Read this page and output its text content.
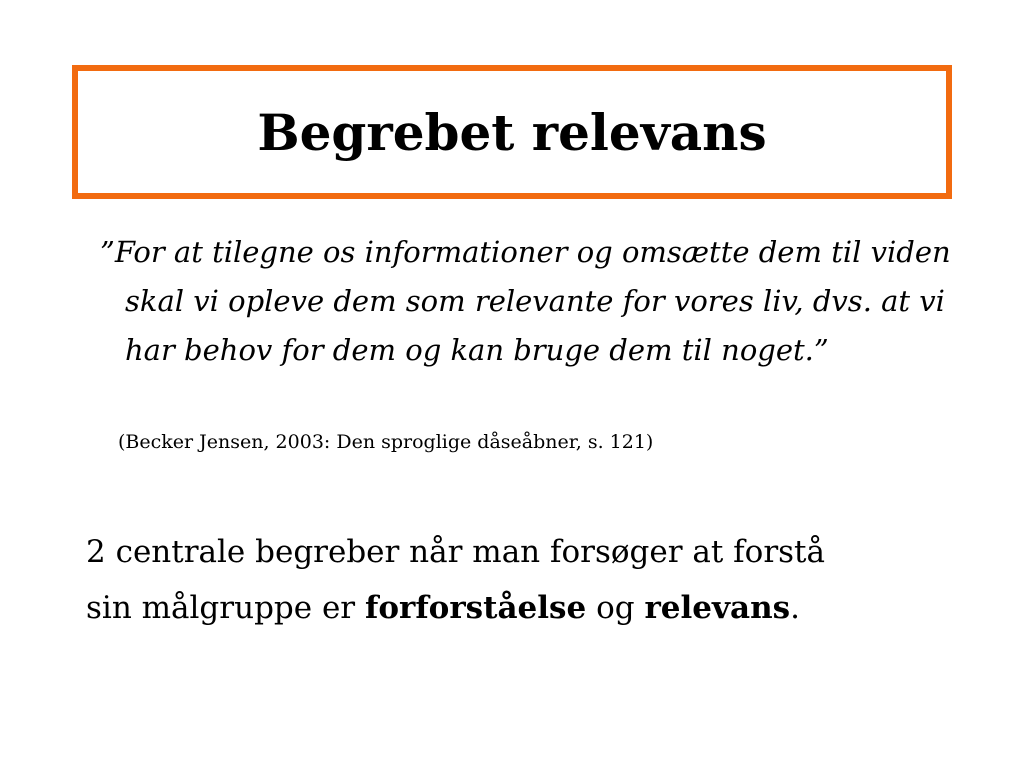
Begrebet relevans

”For at tilegne os informationer og omsætte dem til viden skal vi opleve dem som relevante for vores liv, dvs. at vi har behov for dem og kan bruge dem til noget.”

(Becker Jensen, 2003: Den sproglige dåseåbner, s. 121)

2 centrale begreber når man forsøger at forstå
sin målgruppe er forforståelse og relevans.
